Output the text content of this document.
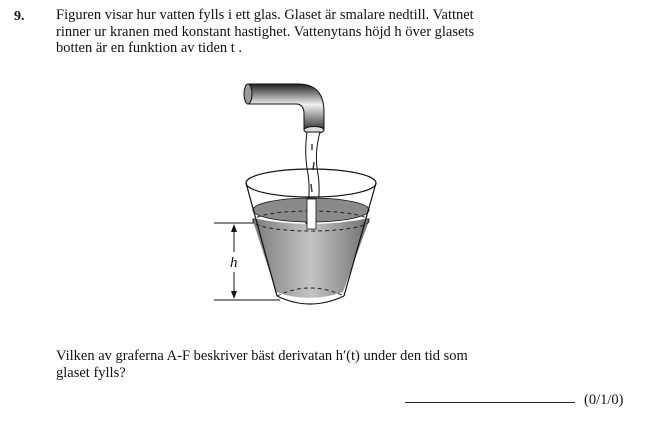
9. Figuren visar hur vatten fylls i ett glas. Glaset är smalare nedtill. Vattnet

rinner ur kranen med konstant hastighet. Vattenytans höjd h över glasets

botten är en funktion av tiden t .

h

Vilken av graferna A-F beskriver bäst derivatan h′(t) under den tid som

glaset fylls?

(0/1/0)
